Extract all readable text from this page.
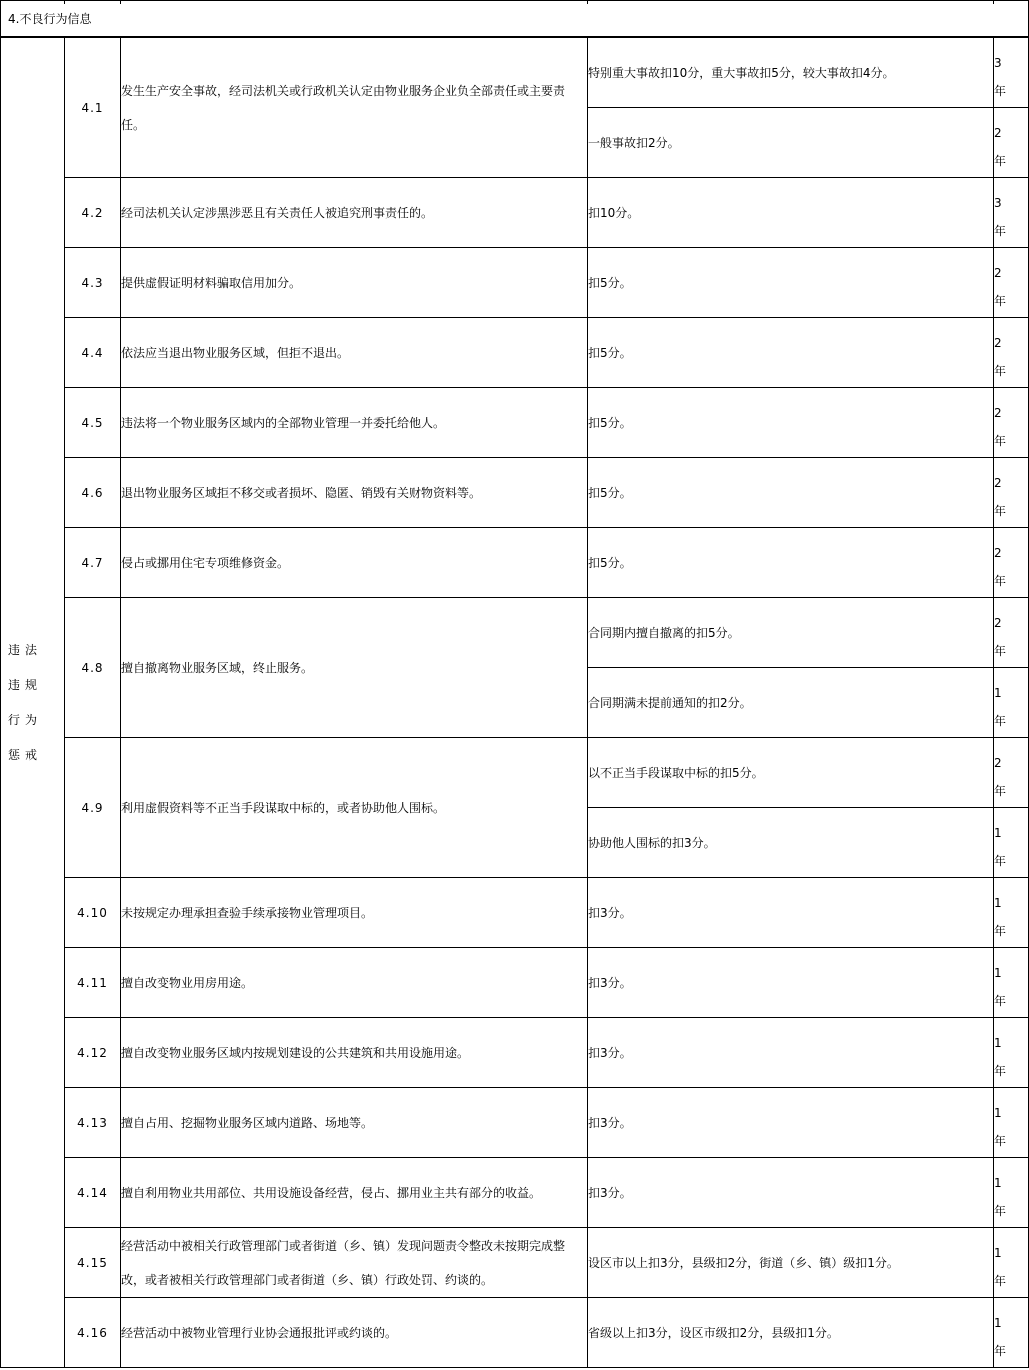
4.不良行为信息
违法违规行为惩戒	4.1	发生生产安全事故，经司法机关或行政机关认定由物业服务企业负全部责任或主要责任。	特别重大事故扣10分，重大事故扣5分，较大事故扣4分。	3
年

			一般事故扣2分。	2
年

	4.2	经司法机关认定涉黑涉恶且有关责任人被追究刑事责任的。	扣10分。	3
年

	4.3	提供虚假证明材料骗取信用加分。	扣5分。	2
年

	4.4	依法应当退出物业服务区域，但拒不退出。	扣5分。	2
年

	4.5	违法将一个物业服务区域内的全部物业管理一并委托给他人。	扣5分。	2
年

	4.6	退出物业服务区域拒不移交或者损坏、隐匿、销毁有关财物资料等。	扣5分。	2
年

	4.7	侵占或挪用住宅专项维修资金。	扣5分。	2
年

	4.8	擅自撤离物业服务区域，终止服务。	合同期内擅自撤离的扣5分。	2
年

			合同期满未提前通知的扣2分。	1
年

	4.9	利用虚假资料等不正当手段谋取中标的，或者协助他人围标。	以不正当手段谋取中标的扣5分。	2
年

			协助他人围标的扣3分。	1
年

	4.10	未按规定办理承担查验手续承接物业管理项目。	扣3分。	1
年

	4.11	擅自改变物业用房用途。	扣3分。	1
年

	4.12	擅自改变物业服务区域内按规划建设的公共建筑和共用设施用途。	扣3分。	1
年

	4.13	擅自占用、挖掘物业服务区域内道路、场地等。	扣3分。	1
年

	4.14	擅自利用物业共用部位、共用设施设备经营，侵占、挪用业主共有部分的收益。	扣3分。	1
年

	4.15	经营活动中被相关行政管理部门或者街道（乡、镇）发现问题责令整改未按期完成整改，或者被相关行政管理部门或者街道（乡、镇）行政处罚、约谈的。	设区市以上扣3分，县级扣2分，街道（乡、镇）级扣1分。	1
年

	4.16	经营活动中被物业管理行业协会通报批评或约谈的。	省级以上扣3分，设区市级扣2分，县级扣1分。	1
年
